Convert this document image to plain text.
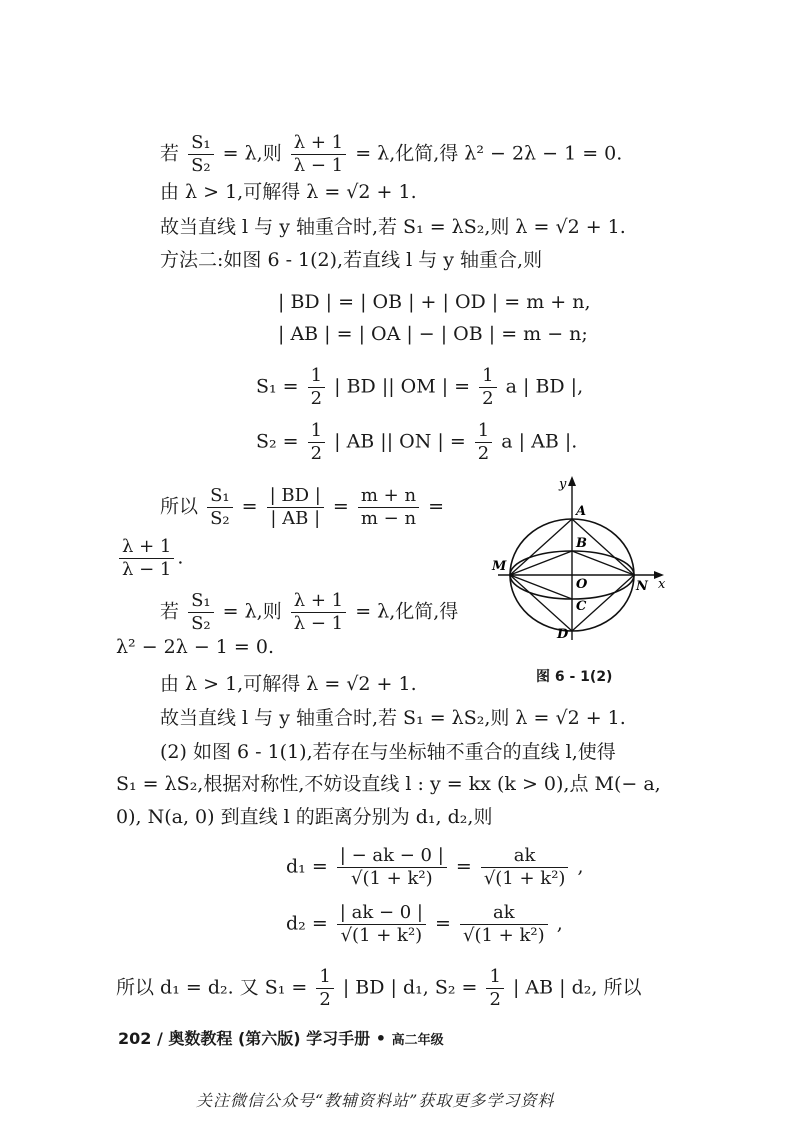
若 $\frac{\text{S₁}}{\text{S₂}} = \lambda$,则 $\frac{\lambda + 1}{\lambda - 1} = \lambda$,化简,得 λ² − 2λ − 1 = 0.
由 λ > 1,可解得 λ = √2 + 1.
故当直线 l 与 y 轴重合时,若 S₁ = λS₂,则 λ = √2 + 1.
方法二:如图 6 - 1(2),若直线 l 与 y 轴重合,则
| BD | = | OB | + | OD | = m + n,
| AB | = | OA | − | OB | = m − n;
$S_1 = \frac{1}{2}$ | BD || OM | = $\frac{1}{2}$ a | BD |,
$S_2 = \frac{1}{2}$ | AB || ON | = $\frac{1}{2}$ a | AB |.
所以 $\frac{\text{S₁}}{\text{S₂}} = \frac{| BD |}{| AB |} = \frac{m + n}{m - n}$ =
$\frac{\lambda + 1}{\lambda - 1}$ .
若 $\frac{\text{S₁}}{\text{S₂}} = \lambda$,则 $\frac{\lambda + 1}{\lambda - 1} = \lambda$,化简,得
λ² − 2λ − 1 = 0.
由 λ > 1,可解得 λ = √2 + 1.
故当直线 l 与 y 轴重合时,若 S₁ = λS₂,则 λ = √2 + 1.
(2) 如图 6 - 1(1),若存在与坐标轴不重合的直线 l,使得
S₁ = λS₂,根据对称性,不妨设直线 l : y = kx (k > 0),点 M(− a,
0), N(a, 0) 到直线 l 的距离分别为 d₁, d₂,则
$d_1 = \frac{| - ak - 0 |}{\text{√(1 + k²)}} = \frac{ak}{\text{√(1 + k²)}}$ ,
$d_2 = \frac{| ak - 0 |}{\text{√(1 + k²)}} = \frac{ak}{\text{√(1 + k²)}}$ ,
所以 d₁ = d₂. 又 $S_1 = \frac{1}{2}$ | BD | d₁, $S_2 = \frac{1}{2}$ | AB | d₂, 所以
y
x
A
B
O
C
D
M
N
图 6 - 1(2)
202 / 奥数教程 (第六版) 学习手册 • 高二年级
关注微信公众号“教辅资料站”获取更多学习资料
